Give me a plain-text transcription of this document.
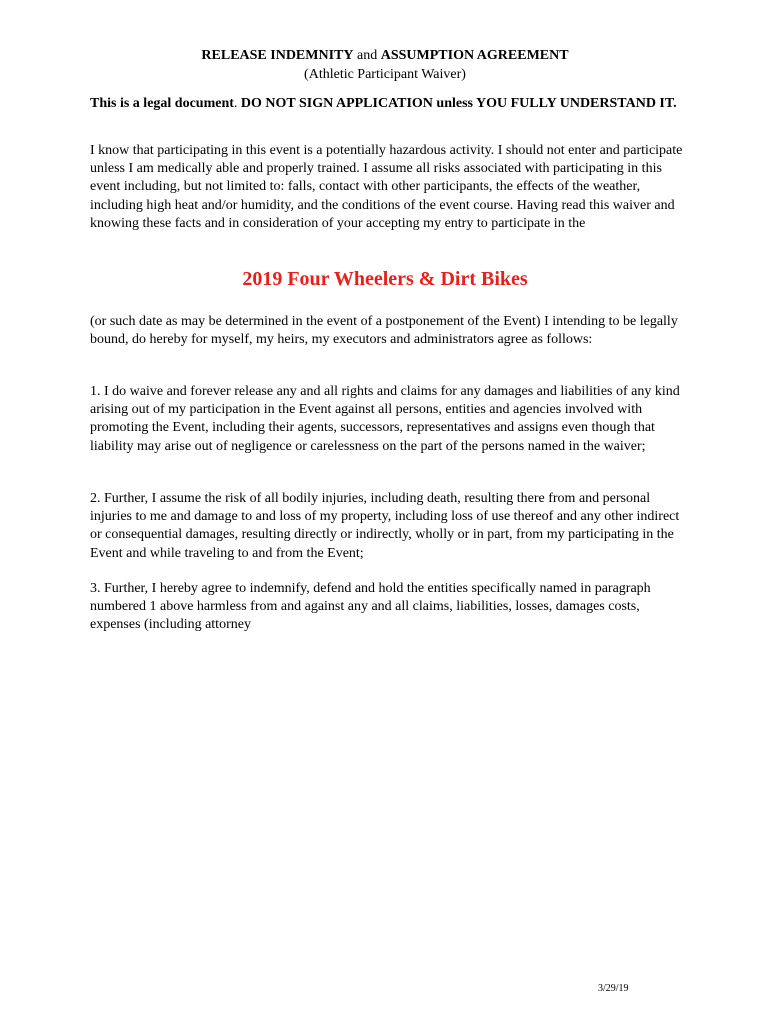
RELEASE INDEMNITY and ASSUMPTION AGREEMENT
(Athletic Participant Waiver)
This is a legal document. DO NOT SIGN APPLICATION unless YOU FULLY UNDERSTAND IT.
I know that participating in this event is a potentially hazardous activity. I should not enter and participate unless I am medically able and properly trained. I assume all risks associated with participating in this event including, but not limited to: falls, contact with other participants, the effects of the weather, including high heat and/or humidity, and the conditions of the event course. Having read this waiver and knowing these facts and in consideration of your accepting my entry to participate in the
2019 Four Wheelers & Dirt Bikes
(or such date as may be determined in the event of a postponement of the Event) I intending to be legally bound, do hereby for myself, my heirs, my executors and administrators agree as follows:
1. I do waive and forever release any and all rights and claims for any damages and liabilities of any kind arising out of my participation in the Event against all persons, entities and agencies involved with promoting the Event, including their agents, successors, representatives and assigns even though that liability may arise out of negligence or carelessness on the part of the persons named in the waiver;
2. Further, I assume the risk of all bodily injuries, including death, resulting there from and personal injuries to me and damage to and loss of my property, including loss of use thereof and any other indirect or consequential damages, resulting directly or indirectly, wholly or in part, from my participating in the Event and while traveling to and from the Event;
3. Further, I hereby agree to indemnify, defend and hold the entities specifically named in paragraph numbered 1 above harmless from and against any and all claims, liabilities, losses, damages costs, expenses (including attorney
3/29/19
